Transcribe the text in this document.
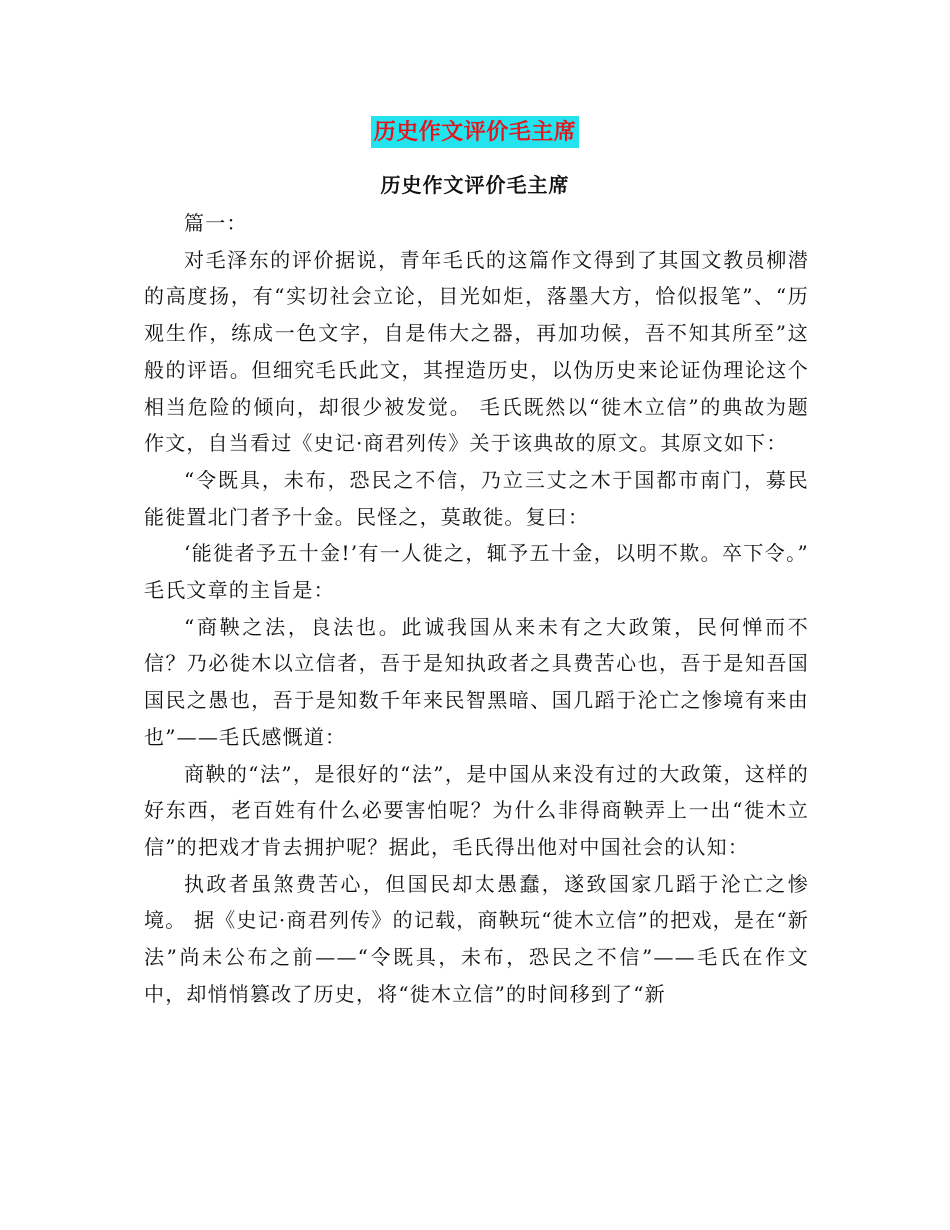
历史作文评价毛主席
历史作文评价毛主席

篇一：

对毛泽东的评价据说，青年毛氏的这篇作文得到了其国文教员柳潜的高度扬，有“实切社会立论，目光如炬，落墨大方，恰似报笔”、“历观生作，练成一色文字，自是伟大之器，再加功候，吾不知其所至”这般的评语。但细究毛氏此文，其捏造历史，以伪历史来论证伪理论这个相当危险的倾向，却很少被发觉。 毛氏既然以“徙木立信”的典故为题作文，自当看过《史记·商君列传》关于该典故的原文。其原文如下：

“令既具，未布，恐民之不信，乃立三丈之木于国都市南门，募民能徙置北门者予十金。民怪之，莫敢徙。复曰：

‘能徙者予五十金!’有一人徙之，辄予五十金，以明不欺。卒下令。” 毛氏文章的主旨是：

“商鞅之法，良法也。此诚我国从来未有之大政策，民何惮而不信？乃必徙木以立信者，吾于是知执政者之具费苦心也，吾于是知吾国国民之愚也，吾于是知数千年来民智黑暗、国几蹈于沦亡之惨境有来由也”——毛氏感慨道：

商鞅的“法”，是很好的“法”，是中国从来没有过的大政策，这样的好东西，老百姓有什么必要害怕呢？为什么非得商鞅弄上一出“徙木立信”的把戏才肯去拥护呢？据此，毛氏得出他对中国社会的认知：

执政者虽煞费苦心，但国民却太愚蠢，遂致国家几蹈于沦亡之惨境。 据《史记·商君列传》的记载，商鞅玩“徙木立信”的把戏，是在“新法”尚未公布之前——“令既具，未布，恐民之不信”——毛氏在作文中，却悄悄篡改了历史，将“徙木立信”的时间移到了“新
